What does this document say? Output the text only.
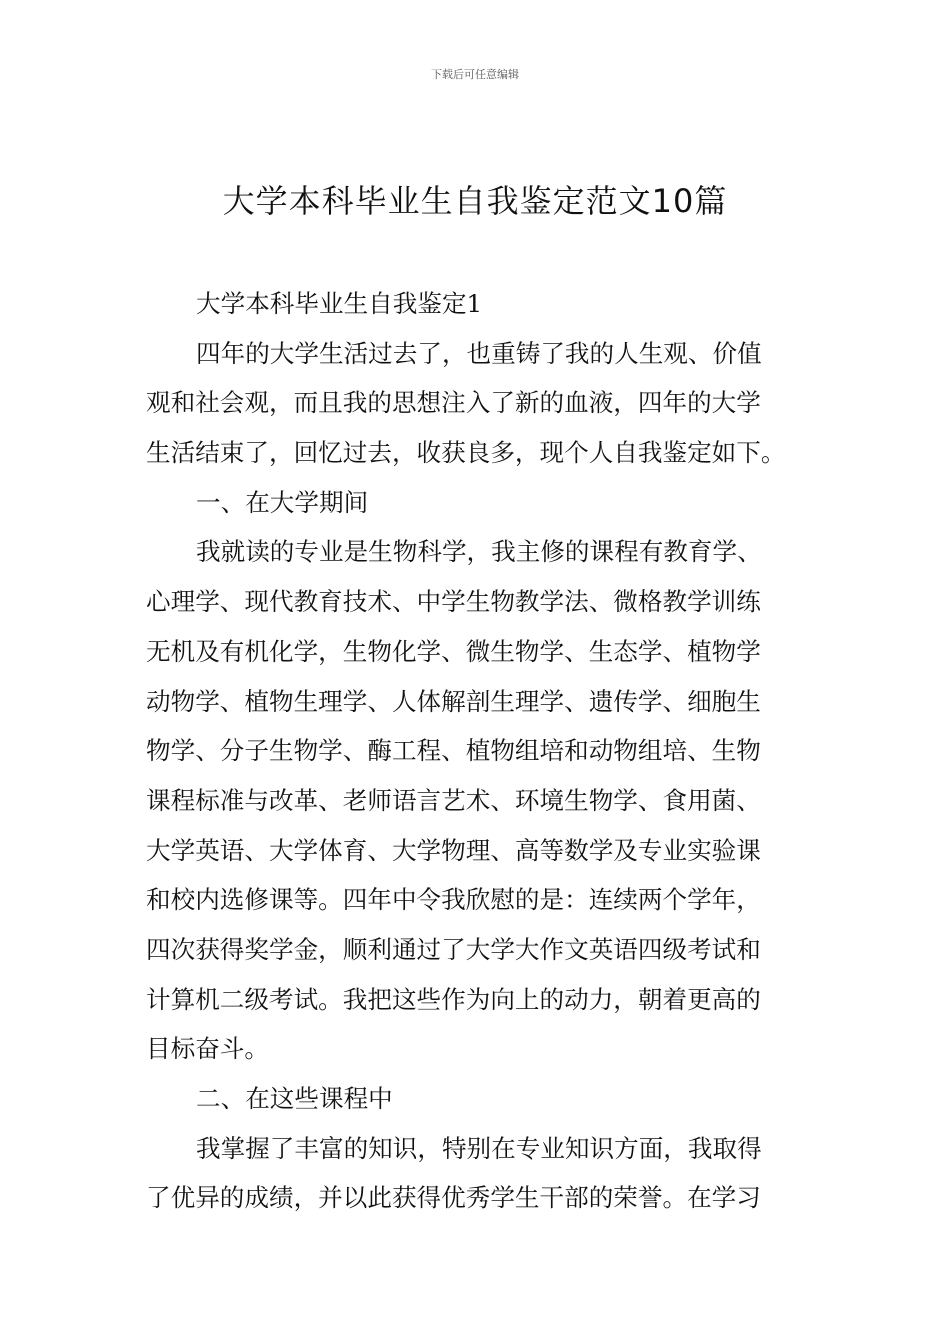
下载后可任意编辑
大学本科毕业生自我鉴定范文10篇
大学本科毕业生自我鉴定1
四年的大学生活过去了，也重铸了我的人生观、价值
观和社会观，而且我的思想注入了新的血液，四年的大学
生活结束了，回忆过去，收获良多，现个人自我鉴定如下。
一、在大学期间
我就读的专业是生物科学，我主修的课程有教育学、
心理学、现代教育技术、中学生物教学法、微格教学训练
无机及有机化学，生物化学、微生物学、生态学、植物学
动物学、植物生理学、人体解剖生理学、遗传学、细胞生
物学、分子生物学、酶工程、植物组培和动物组培、生物
课程标准与改革、老师语言艺术、环境生物学、食用菌、
大学英语、大学体育、大学物理、高等数学及专业实验课
和校内选修课等。四年中令我欣慰的是：连续两个学年，
四次获得奖学金，顺利通过了大学大作文英语四级考试和
计算机二级考试。我把这些作为向上的动力，朝着更高的
目标奋斗。
二、在这些课程中
我掌握了丰富的知识，特别在专业知识方面，我取得
了优异的成绩，并以此获得优秀学生干部的荣誉。在学习
